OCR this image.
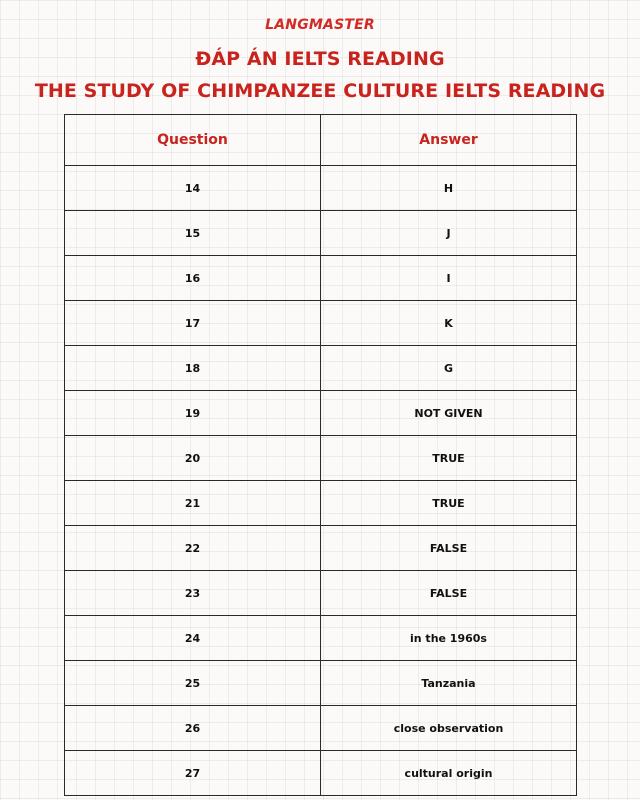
LANGMASTER
ĐÁP ÁN IELTS READING
THE STUDY OF CHIMPANZEE CULTURE IELTS READING
Question	Answer
14	H
15	J
16	I
17	K
18	G
19	NOT GIVEN
20	TRUE
21	TRUE
22	FALSE
23	FALSE
24	in the 1960s
25	Tanzania
26	close observation
27	cultural origin
